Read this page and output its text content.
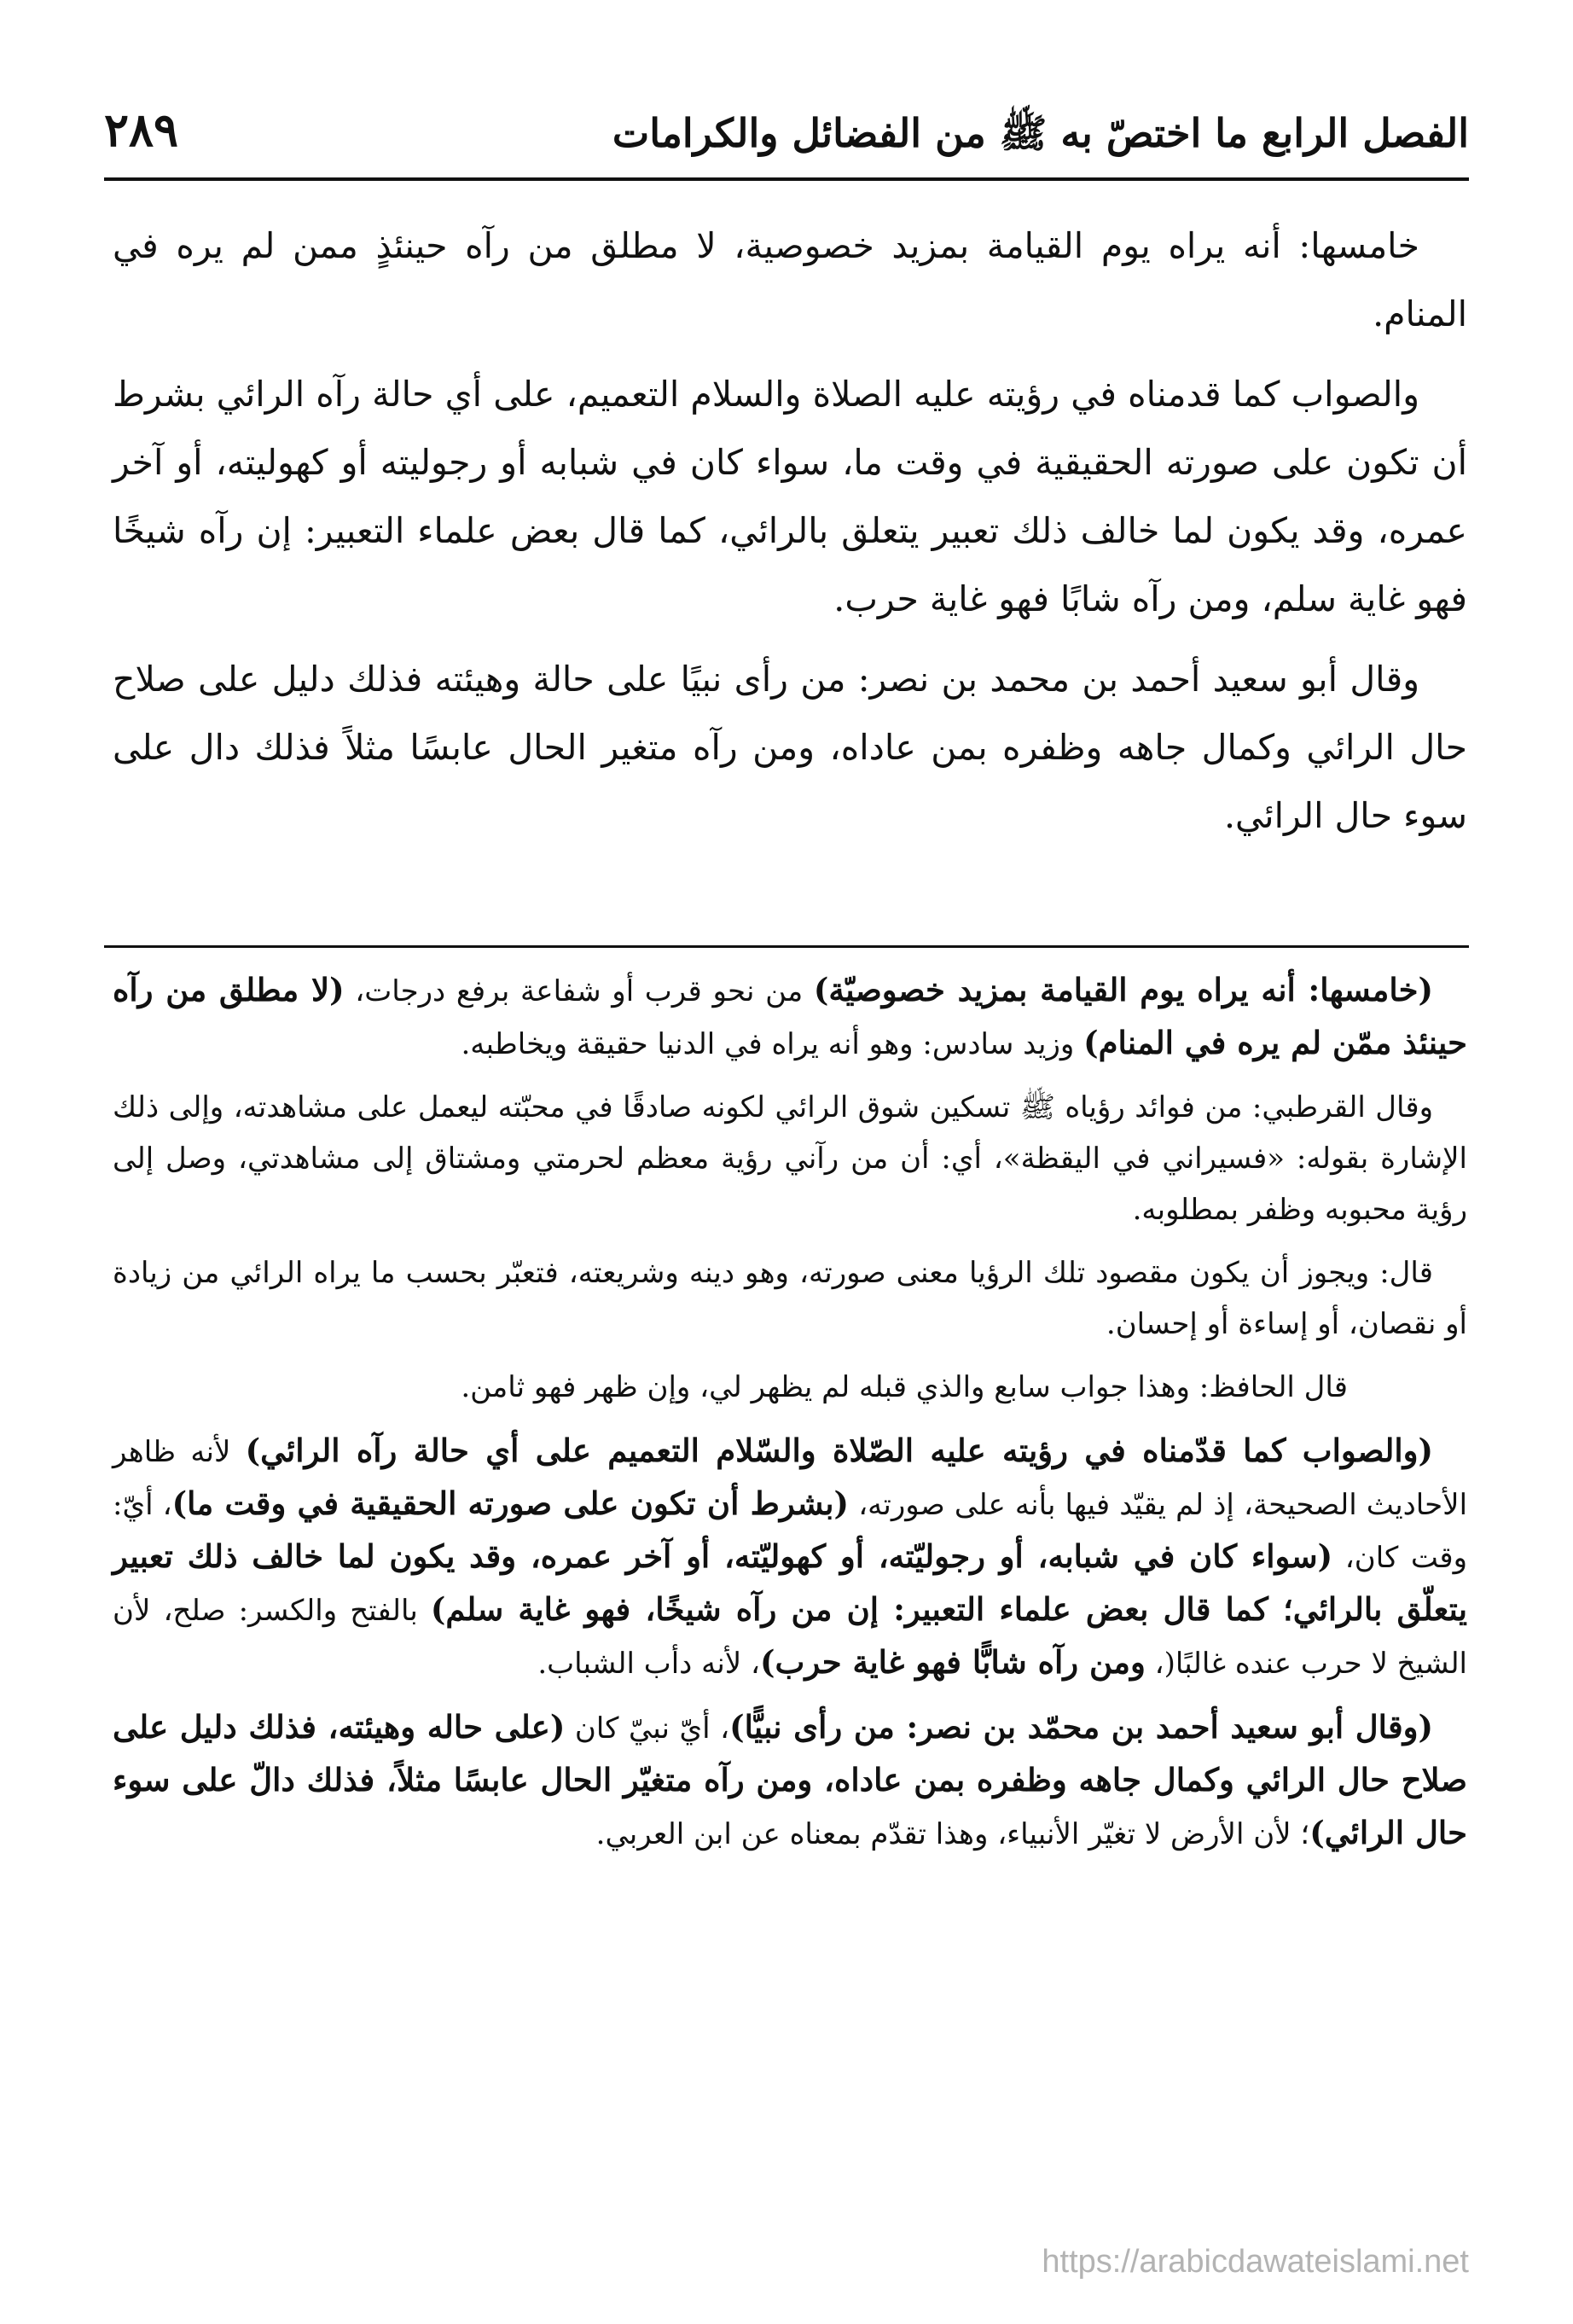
الفصل الرابع ما اختصّ به ﷺ من الفضائل والكرامات
٢٨٩

خامسها: أنه يراه يوم القيامة بمزيد خصوصية، لا مطلق من رآه حينئذٍ ممن لم يره في المنام.

والصواب كما قدمناه في رؤيته عليه الصلاة والسلام التعميم، على أي حالة رآه الرائي بشرط أن تكون على صورته الحقيقية في وقت ما، سواء كان في شبابه أو رجوليته أو كهوليته، أو آخر عمره، وقد يكون لما خالف ذلك تعبير يتعلق بالرائي، كما قال بعض علماء التعبير: إن رآه شيخًا فهو غاية سلم، ومن رآه شابًا فهو غاية حرب.

وقال أبو سعيد أحمد بن محمد بن نصر: من رأى نبيًا على حالة وهيئته فذلك دليل على صلاح حال الرائي وكمال جاهه وظفره بمن عاداه، ومن رآه متغير الحال عابسًا مثلاً فذلك دال على سوء حال الرائي.

(خامسها: أنه يراه يوم القيامة بمزيد خصوصيّة) من نحو قرب أو شفاعة برفع درجات، (لا مطلق من رآه حينئذ ممّن لم يره في المنام) وزيد سادس: وهو أنه يراه في الدنيا حقيقة ويخاطبه.

وقال القرطبي: من فوائد رؤياه ﷺ تسكين شوق الرائي لكونه صادقًا في محبّته ليعمل على مشاهدته، وإلى ذلك الإشارة بقوله: «فسيراني في اليقظة»، أي: أن من رآني رؤية معظم لحرمتي ومشتاق إلى مشاهدتي، وصل إلى رؤية محبوبه وظفر بمطلوبه.

قال: ويجوز أن يكون مقصود تلك الرؤيا معنى صورته، وهو دينه وشريعته، فتعبّر بحسب ما يراه الرائي من زيادة أو نقصان، أو إساءة أو إحسان.

قال الحافظ: وهذا جواب سابع والذي قبله لم يظهر لي، وإن ظهر فهو ثامن.

(والصواب كما قدّمناه في رؤيته عليه الصّلاة والسّلام التعميم على أي حالة رآه الرائي) لأنه ظاهر الأحاديث الصحيحة، إذ لم يقيّد فيها بأنه على صورته، (بشرط أن تكون على صورته الحقيقية في وقت ما)، أيّ: وقت كان، (سواء كان في شبابه، أو رجوليّته، أو كهوليّته، أو آخر عمره، وقد يكون لما خالف ذلك تعبير يتعلّق بالرائي؛ كما قال بعض علماء التعبير: إن من رآه شيخًا، فهو غاية سلم) بالفتح والكسر: صلح، لأن الشيخ لا حرب عنده غالبًا(، ومن رآه شابًّا فهو غاية حرب)، لأنه دأب الشباب.

(وقال أبو سعيد أحمد بن محمّد بن نصر: من رأى نبيًّا)، أيّ نبيّ كان (على حاله وهيئته، فذلك دليل على صلاح حال الرائي وكمال جاهه وظفره بمن عاداه، ومن رآه متغيّر الحال عابسًا مثلاً، فذلك دالّ على سوء حال الرائي)؛ لأن الأرض لا تغيّر الأنبياء، وهذا تقدّم بمعناه عن ابن العربي.

https://arabicdawateislami.net
